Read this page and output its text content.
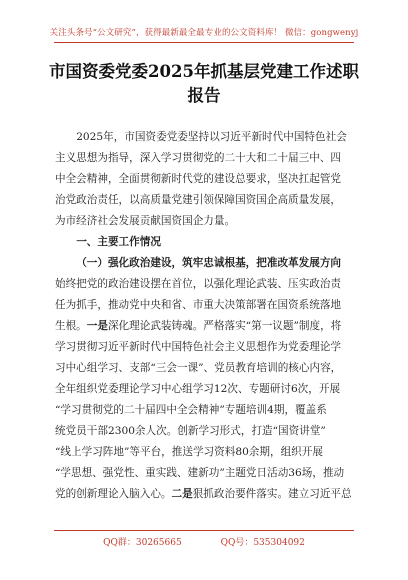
关注头条号“公文研究”，获得最新最全最专业的公文资料库！ 微信：gongwenyj
市国资委党委2025年抓基层党建工作述职报告

2025年，市国资委党委坚持以习近平新时代中国特色社会
主义思想为指导，深入学习贯彻党的二十大和二十届三中、四
中全会精神，全面贯彻新时代党的建设总要求，坚决扛起管党
治党政治责任，以高质量党建引领保障国资国企高质量发展，
为市经济社会发展贡献国资国企力量。

一、主要工作情况
（一）强化政治建设，筑牢忠诚根基，把准改革发展方向
始终把党的政治建设摆在首位，以强化理论武装、压实政治责
任为抓手，推动党中央和省、市重大决策部署在国资系统落地
生根。一是深化理论武装铸魂。严格落实“第一议题”制度，将
学习贯彻习近平新时代中国特色社会主义思想作为党委理论学
习中心组学习、支部“三会一课”、党员教育培训的核心内容，
全年组织党委理论学习中心组学习12次、专题研讨6次，开展
“学习贯彻党的二十届四中全会精神”专题培训4期，覆盖系
统党员干部2300余人次。创新学习形式，打造“国资讲堂”
“线上学习阵地”等平台，推送学习资料80余期，组织开展
“学思想、强党性、重实践、建新功”主题党日活动36场，推动
党的创新理论入脑入心。二是狠抓政治要件落实。建立习近平总
QQ群：30265665	QQ号：535304092
